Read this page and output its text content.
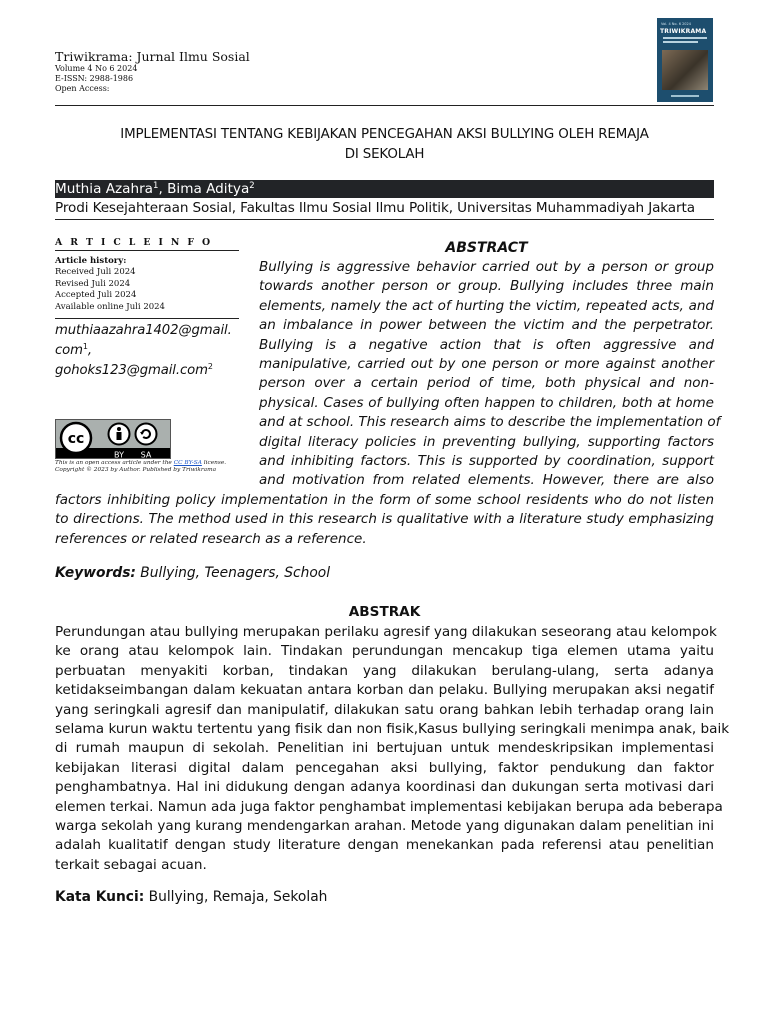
Triwikrama: Jurnal Ilmu Sosial
Volume 4 No 6 2024
E-ISSN: 2988-1986
Open Access:
Vol. 4 No. 6 2024
TRIWIKRAMA
IMPLEMENTASI TENTANG KEBIJAKAN PENCEGAHAN AKSI BULLYING OLEH REMAJA
DI SEKOLAH
Muthia Azahra$^1$, Bima Aditya$^2$
Prodi Kesejahteraan Sosial, Fakultas Ilmu Sosial Ilmu Politik, Universitas Muhammadiyah Jakarta
A R T I C L E I N F O
Article history:
Received Juli 2024
Revised Juli 2024
Accepted Juli 2024
Available online Juli 2024
muthiaazahra1402@gmail.
com$^1$,
gohoks123@gmail.com$^2$
cc
BY SA
This is an open access article under the CC BY-SA license.
Copyright © 2023 by Author. Published by Triwikrama
ABSTRACT
Bullying is aggressive behavior carried out by a person or group
towards another person or group. Bullying includes three main
elements, namely the act of hurting the victim, repeated acts, and
an imbalance in power between the victim and the perpetrator.
Bullying is a negative action that is often aggressive and
manipulative, carried out by one person or more against another
person over a certain period of time, both physical and non-
physical. Cases of bullying often happen to children, both at home
and at school. This research aims to describe the implementation of
digital literacy policies in preventing bullying, supporting factors
and inhibiting factors. This is supported by coordination, support
and motivation from related elements. However, there are also
factors inhibiting policy implementation in the form of some school residents who do not listen
to directions. The method used in this research is qualitative with a literature study emphasizing
references or related research as a reference.
Keywords: Bullying, Teenagers, School
ABSTRAK
Perundungan atau bullying merupakan perilaku agresif yang dilakukan seseorang atau kelompok
ke orang atau kelompok lain. Tindakan perundungan mencakup tiga elemen utama yaitu
perbuatan menyakiti korban, tindakan yang dilakukan berulang-ulang, serta adanya
ketidakseimbangan dalam kekuatan antara korban dan pelaku. Bullying merupakan aksi negatif
yang seringkali agresif dan manipulatif, dilakukan satu orang bahkan lebih terhadap orang lain
selama kurun waktu tertentu yang fisik dan non fisik,Kasus bullying seringkali menimpa anak, baik
di rumah maupun di sekolah. Penelitian ini bertujuan untuk mendeskripsikan implementasi
kebijakan literasi digital dalam pencegahan aksi bullying, faktor pendukung dan faktor
penghambatnya. Hal ini didukung dengan adanya koordinasi dan dukungan serta motivasi dari
elemen terkai. Namun ada juga faktor penghambat implementasi kebijakan berupa ada beberapa
warga sekolah yang kurang mendengarkan arahan. Metode yang digunakan dalam penelitian ini
adalah kualitatif dengan study literature dengan menekankan pada referensi atau penelitian
terkait sebagai acuan.
Kata Kunci: Bullying, Remaja, Sekolah
